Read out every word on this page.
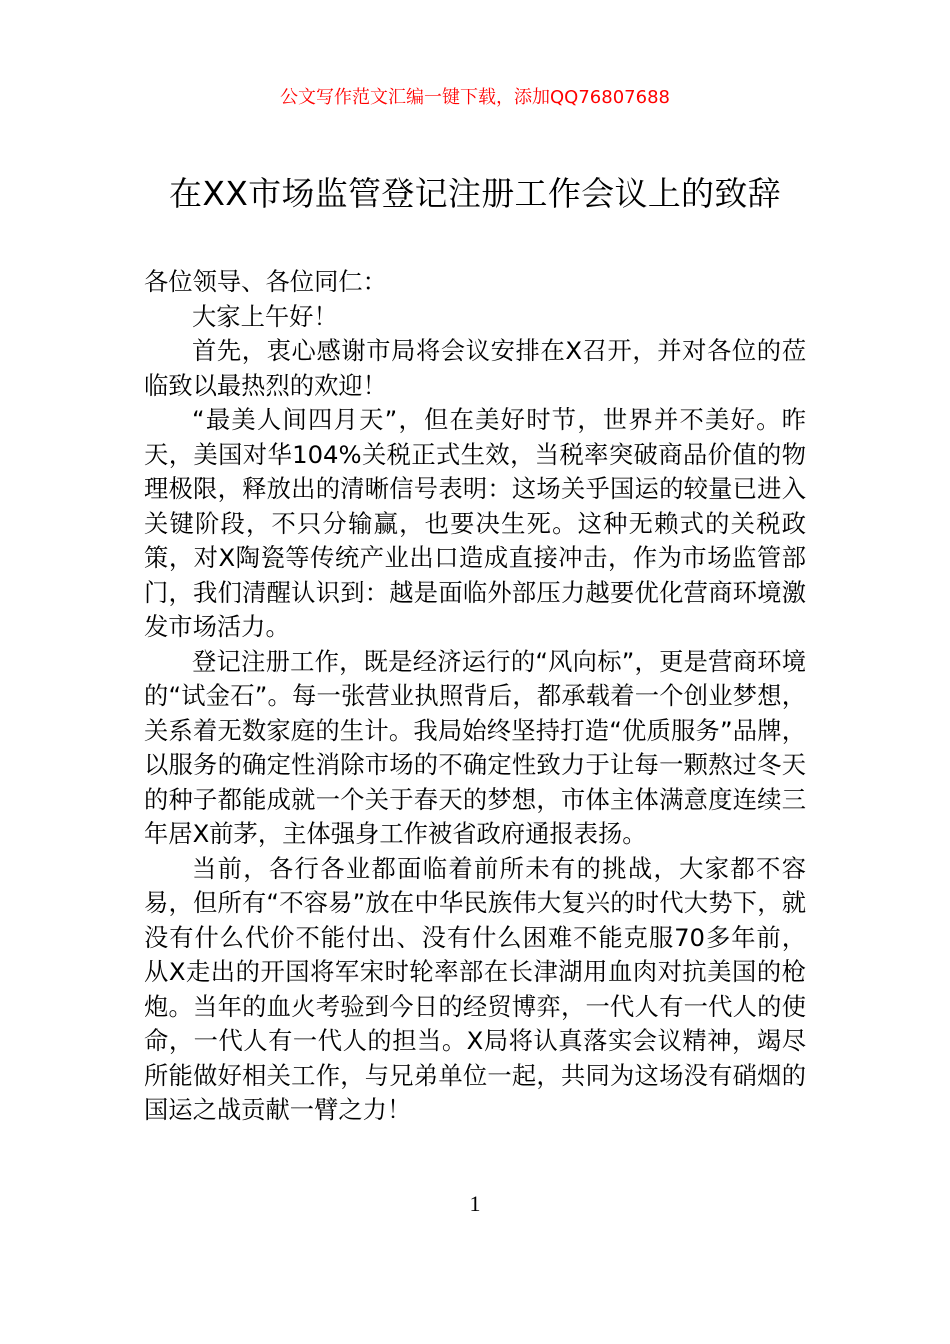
公文写作范文汇编一键下载，添加QQ76807688
在XX市场监管登记注册工作会议上的致辞

各位领导、各位同仁：

大家上午好！

首先，衷心感谢市局将会议安排在X召开，并对各位的莅临致以最热烈的欢迎！

“最美人间四月天”，但在美好时节，世界并不美好。昨天，美国对华104%关税正式生效，当税率突破商品价值的物理极限，释放出的清晰信号表明：这场关乎国运的较量已进入关键阶段，不只分输赢，也要决生死。这种无赖式的关税政策，对X陶瓷等传统产业出口造成直接冲击，作为市场监管部门，我们清醒认识到：越是面临外部压力越要优化营商环境激发市场活力。

登记注册工作，既是经济运行的“风向标”，更是营商环境的“试金石”。每一张营业执照背后，都承载着一个创业梦想，关系着无数家庭的生计。我局始终坚持打造“优质服务”品牌，以服务的确定性消除市场的不确定性致力于让每一颗熬过冬天的种子都能成就一个关于春天的梦想，市体主体满意度连续三年居X前茅，主体强身工作被省政府通报表扬。

当前，各行各业都面临着前所未有的挑战，大家都不容易，但所有“不容易”放在中华民族伟大复兴的时代大势下，就没有什么代价不能付出、没有什么困难不能克服70多年前，从X走出的开国将军宋时轮率部在长津湖用血肉对抗美国的枪炮。当年的血火考验到今日的经贸博弈，一代人有一代人的使命，一代人有一代人的担当。X局将认真落实会议精神，竭尽所能做好相关工作，与兄弟单位一起，共同为这场没有硝烟的国运之战贡献一臂之力！

1
